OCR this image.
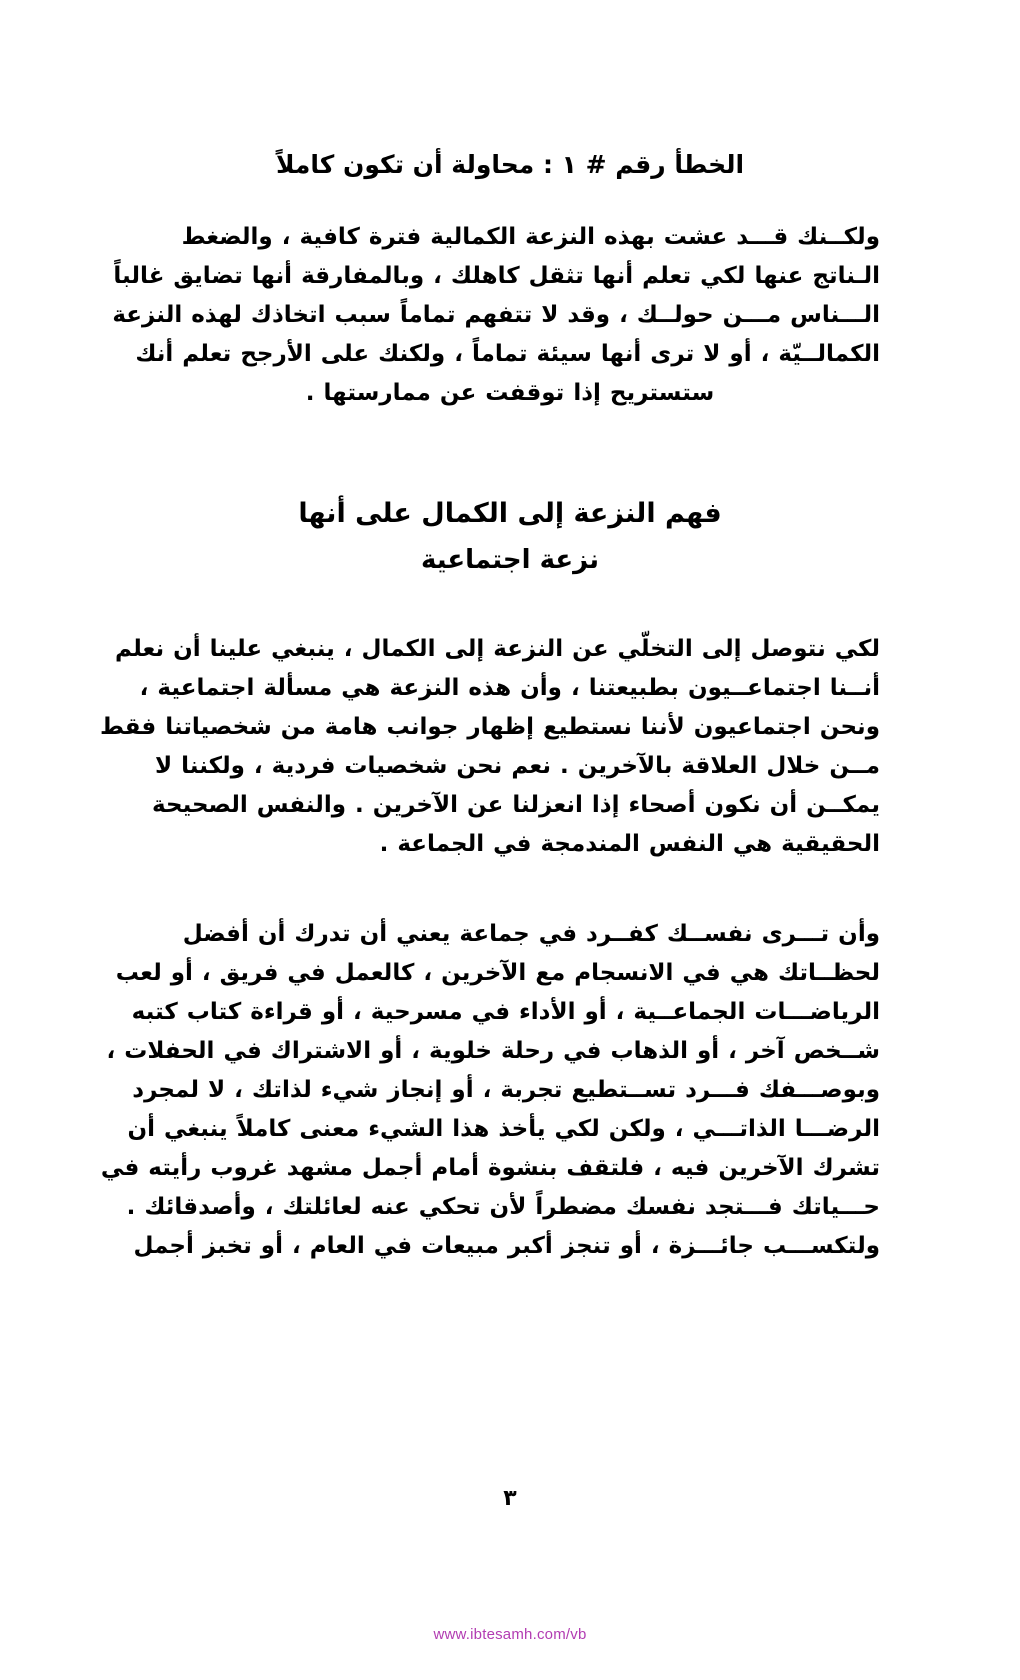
الخطأ رقم # ١ : محاولة أن تكون كاملاً
ولكــنك قـــد عشت بهذه النزعة الكمالية فترة كافية ، والضغط
الـناتج عنها لكي تعلم أنها تثقل كاهلك ، وبالمفارقة أنها تضايق غالباً
الـــناس مـــن حولــك ، وقد لا تتفهم تماماً سبب اتخاذك لهذه النزعة
الكمالــيّة ، أو لا ترى أنها سيئة تماماً ، ولكنك على الأرجح تعلم أنك
ستستريح إذا توقفت عن ممارستها .
فهم النزعة إلى الكمال على أنها
نزعة اجتماعية
لكي نتوصل إلى التخلّي عن النزعة إلى الكمال ، ينبغي علينا أن نعلم
أنــنا اجتماعــيون بطبيعتنا ، وأن هذه النزعة هي مسألة اجتماعية ،
ونحن اجتماعيون لأننا نستطيع إظهار جوانب هامة من شخصياتنا فقط
مــن خلال العلاقة بالآخرين . نعم نحن شخصيات فردية ، ولكننا لا
يمكــن أن نكون أصحاء إذا انعزلنا عن الآخرين . والنفس الصحيحة
الحقيقية هي النفس المندمجة في الجماعة .
وأن تـــرى نفســك كفــرد في جماعة يعني أن تدرك أن أفضل
لحظــاتك هي في الانسجام مع الآخرين ، كالعمل في فريق ، أو لعب
الرياضـــات الجماعــية ، أو الأداء في مسرحية ، أو قراءة كتاب كتبه
شــخص آخر ، أو الذهاب في رحلة خلوية ، أو الاشتراك في الحفلات ،
وبوصـــفك فـــرد تســتطيع تجربة ، أو إنجاز شيء لذاتك ، لا لمجرد
الرضـــا الذاتـــي ، ولكن لكي يأخذ هذا الشيء معنى كاملاً ينبغي أن
تشرك الآخرين فيه ، فلتقف بنشوة أمام أجمل مشهد غروب رأيته في
حـــياتك فـــتجد نفسك مضطراً لأن تحكي عنه لعائلتك ، وأصدقائك .
ولتكســـب جائـــزة ، أو تنجز أكبر مبيعات في العام ، أو تخبز أجمل
٣
www.ibtesamh.com/vb
